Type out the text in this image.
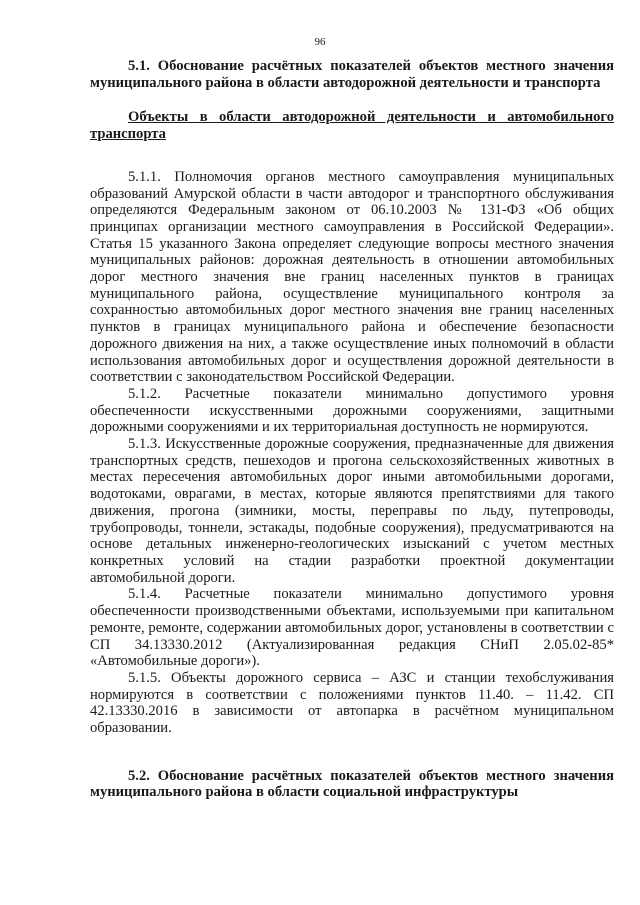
96

5.1. Обоснование расчётных показателей объектов местного значения муниципального района в области автодорожной деятельности и транспорта

Объекты в области автодорожной деятельности и автомобильного транспорта

5.1.1. Полномочия органов местного самоуправления муниципальных образований Амурской области в части автодорог и транспортного обслуживания определяются Федеральным законом от 06.10.2003 № 131-ФЗ «Об общих принципах организации местного самоуправления в Российской Федерации». Статья 15 указанного Закона определяет следующие вопросы местного значения муниципальных районов: дорожная деятельность в отношении автомобильных дорог местного значения вне границ населенных пунктов в границах муниципального района, осуществление муниципального контроля за сохранностью автомобильных дорог местного значения вне границ населенных пунктов в границах муниципального района и обеспечение безопасности дорожного движения на них, а также осуществление иных полномочий в области использования автомобильных дорог и осуществления дорожной деятельности в соответствии с законодательством Российской Федерации.

5.1.2. Расчетные показатели минимально допустимого уровня обеспеченности искусственными дорожными сооружениями, защитными дорожными сооружениями и их территориальная доступность не нормируются.

5.1.3. Искусственные дорожные сооружения, предназначенные для движения транспортных средств, пешеходов и прогона сельскохозяйственных животных в местах пересечения автомобильных дорог иными автомобильными дорогами, водотоками, оврагами, в местах, которые являются препятствиями для такого движения, прогона (зимники, мосты, переправы по льду, путепроводы, трубопроводы, тоннели, эстакады, подобные сооружения), предусматриваются на основе детальных инженерно-геологических изысканий с учетом местных конкретных условий на стадии разработки проектной документации автомобильной дороги.

5.1.4. Расчетные показатели минимально допустимого уровня обеспеченности производственными объектами, используемыми при капитальном ремонте, ремонте, содержании автомобильных дорог, установлены в соответствии с СП 34.13330.2012 (Актуализированная редакция СНиП 2.05.02-85* «Автомобильные дороги»).

5.1.5. Объекты дорожного сервиса – АЗС и станции техобслуживания нормируются в соответствии с положениями пунктов 11.40. – 11.42. СП 42.13330.2016 в зависимости от автопарка в расчётном муниципальном образовании.

5.2. Обоснование расчётных показателей объектов местного значения муниципального района в области социальной инфраструктуры
